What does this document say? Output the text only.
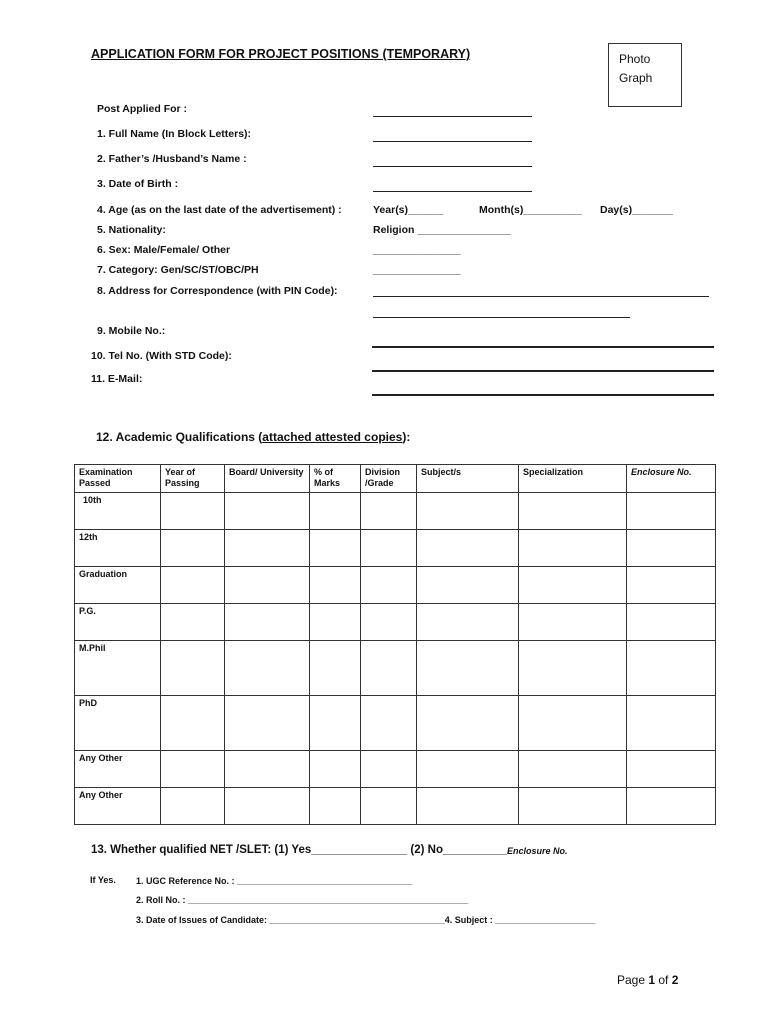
APPLICATION FORM FOR PROJECT POSITIONS (TEMPORARY)	Photo
Graph
Post Applied For :
1. Full Name (In Block Letters):
2. Father’s /Husband’s Name :
3. Date of Birth :
4. Age (as on the last date of the advertisement) :	Year(s)______	Month(s)__________ Day(s)_______
5. Nationality:	Religion ________________
6. Sex: Male/Female/ Other	_______________
7. Category: Gen/SC/ST/OBC/PH	_______________
8. Address for Correspondence (with PIN Code):
9. Mobile No.:
10. Tel No. (With STD Code):
11. E-Mail:
12. Academic Qualifications (attached attested copies):
Examination Passed	Year of Passing	Board/ University	% of Marks	Division /Grade	Subject/s	Specialization	Enclosure No.
10th							
12th							
Graduation							
P.G.							
M.Phil							
PhD							
Any Other							
Any Other							
13. Whether qualified NET /SLET: (1) Yes_______________ (2) No__________ Enclosure No.
If Yes. 1. UGC Reference No. : ___________________________________
2. Roll No. : ________________________________________________________
3. Date of Issues of Candidate: ___________________________________4. Subject : ____________________
Page 1 of 2
